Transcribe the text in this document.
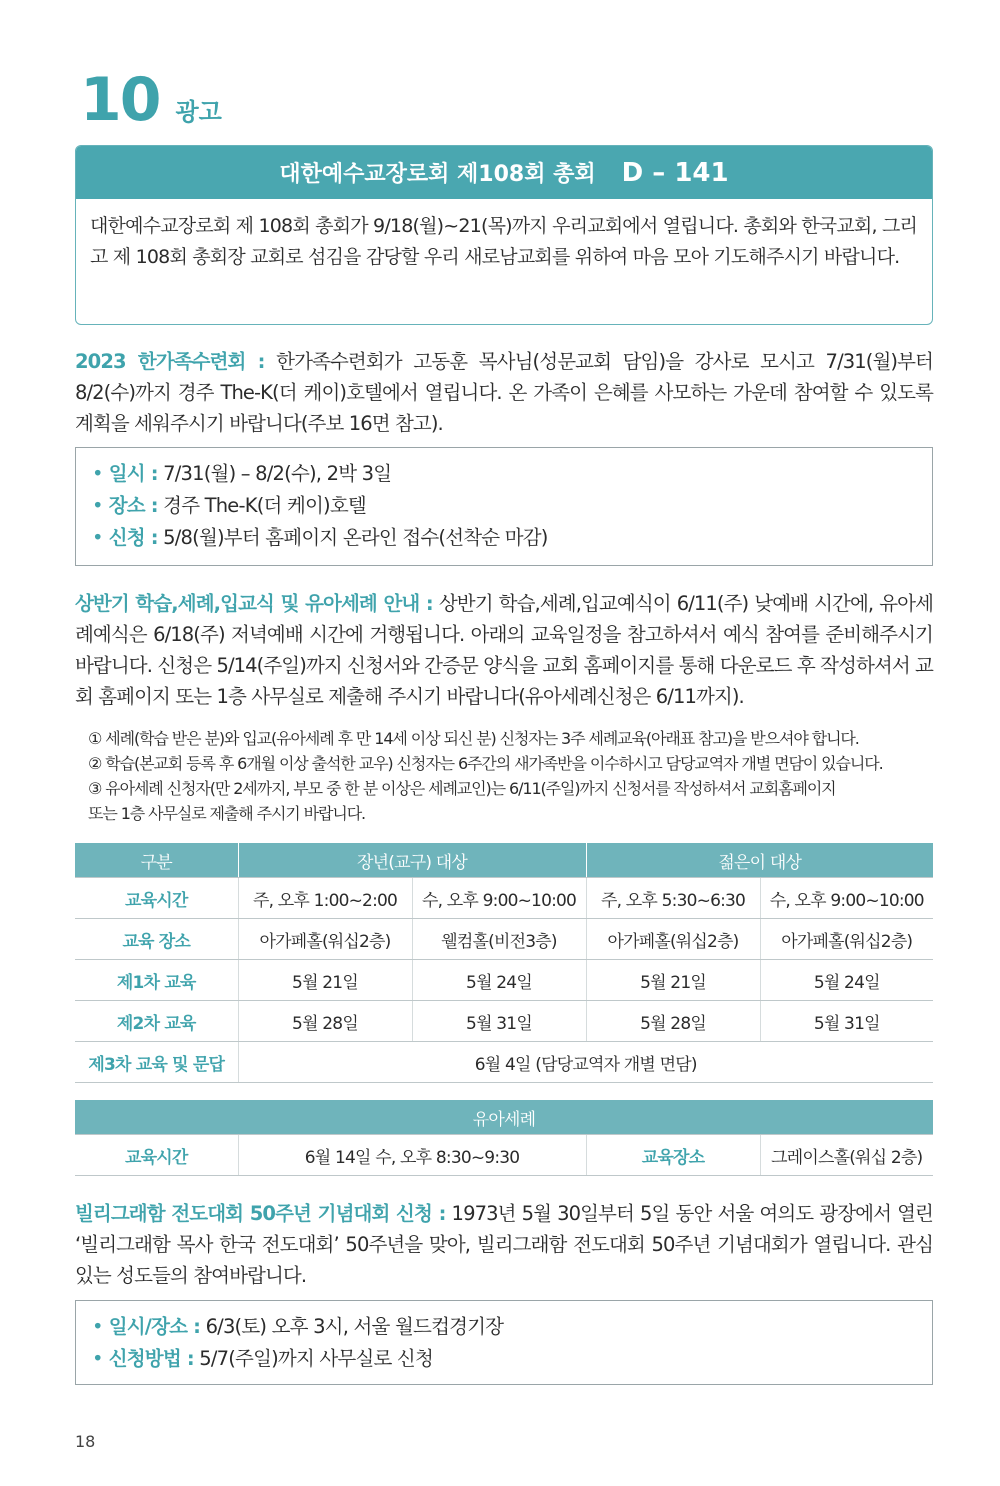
10 광고
대한예수교장로회 제108회 총회 D – 141
대한예수교장로회 제 108회 총회가 9/18(월)~21(목)까지 우리교회에서 열립니다. 총회와 한국교회, 그리고 제 108회 총회장 교회로 섬김을 감당할 우리 새로남교회를 위하여 마음 모아 기도해주시기 바랍니다.

2023 한가족수련회 : 한가족수련회가 고동훈 목사님(성문교회 담임)을 강사로 모시고 7/31(월)부터 8/2(수)까지 경주 The-K(더 케이)호텔에서 열립니다. 온 가족이 은혜를 사모하는 가운데 참여할 수 있도록 계획을 세워주시기 바랍니다(주보 16면 참고).

• 일시 : 7/31(월) – 8/2(수), 2박 3일
• 장소 : 경주 The-K(더 케이)호텔
• 신청 : 5/8(월)부터 홈페이지 온라인 접수(선착순 마감)

상반기 학습,세례,입교식 및 유아세례 안내 : 상반기 학습,세례,입교예식이 6/11(주) 낮예배 시간에, 유아세례예식은 6/18(주) 저녁예배 시간에 거행됩니다. 아래의 교육일정을 참고하셔서 예식 참여를 준비해주시기 바랍니다. 신청은 5/14(주일)까지 신청서와 간증문 양식을 교회 홈페이지를 통해 다운로드 후 작성하셔서 교회 홈페이지 또는 1층 사무실로 제출해 주시기 바랍니다(유아세례신청은 6/11까지).

① 세례(학습 받은 분)와 입교(유아세례 후 만 14세 이상 되신 분) 신청자는 3주 세례교육(아래표 참고)을 받으셔야 합니다.
② 학습(본교회 등록 후 6개월 이상 출석한 교우) 신청자는 6주간의 새가족반을 이수하시고 담당교역자 개별 면담이 있습니다.
③ 유아세례 신청자(만 2세까지, 부모 중 한 분 이상은 세례교인)는 6/11(주일)까지 신청서를 작성하셔서 교회홈페이지
또는 1층 사무실로 제출해 주시기 바랍니다.
구분	장년(교구) 대상		젊은이 대상	
교육시간	주, 오후 1:00~2:00	수, 오후 9:00~10:00	주, 오후 5:30~6:30	수, 오후 9:00~10:00
교육 장소	아가페홀(워십2층)	웰컴홀(비전3층)	아가페홀(워십2층)	아가페홀(워십2층)
제1차 교육	5월 21일	5월 24일	5월 21일	5월 24일
제2차 교육	5월 28일	5월 31일	5월 28일	5월 31일
제3차 교육 및 문답	6월 4일 (담당교역자 개별 면담)			
유아세례
교육시간	6월 14일 수, 오후 8:30~9:30	교육장소	그레이스홀(워십 2층)

빌리그래함 전도대회 50주년 기념대회 신청 : 1973년 5월 30일부터 5일 동안 서울 여의도 광장에서 열린 ‘빌리그래함 목사 한국 전도대회’ 50주년을 맞아, 빌리그래함 전도대회 50주년 기념대회가 열립니다. 관심 있는 성도들의 참여바랍니다.

• 일시/장소 : 6/3(토) 오후 3시, 서울 월드컵경기장
• 신청방법 : 5/7(주일)까지 사무실로 신청
18
